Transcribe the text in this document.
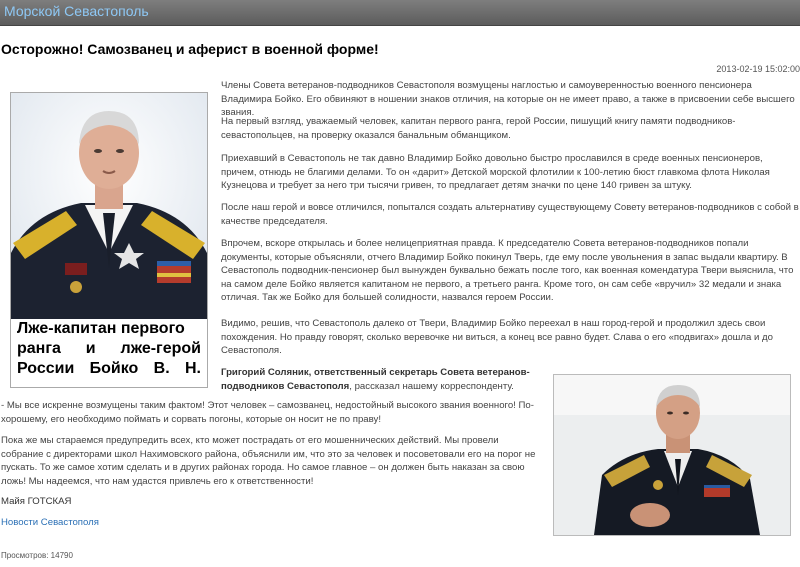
Морской Севастополь
Осторожно! Самозванец и аферист в военной форме!
2013-02-19 15:02:00
Лже-капитан первого
ранга и лже-герой
России Бойко В. Н.

Члены Совета ветеранов-подводников Севастополя возмущены наглостью и самоуверенностью военного пенсионера Владимира Бойко. Его обвиняют в ношении знаков отличия, на которые он не имеет право, а также в присвоении себе высшего звания.

На первый взгляд, уважаемый человек, капитан первого ранга, герой России, пишущий книгу памяти подводников-севастопольцев, на проверку оказался банальным обманщиком.

Приехавший в Севастополь не так давно Владимир Бойко довольно быстро прославился в среде военных пенсионеров, причем, отнюдь не благими делами. То он «дарит» Детской морской флотилии к 100-летию бюст главкома флота Николая Кузнецова и требует за него три тысячи гривен, то предлагает детям значки по цене 140 гривен за штуку.

После наш герой и вовсе отличился, попытался создать альтернативу существующему Совету ветеранов-подводников с собой в качестве председателя.

Впрочем, вскоре открылась и более нелицеприятная правда. К председателю Совета ветеранов-подводников попали документы, которые объясняли, отчего Владимир Бойко покинул Тверь, где ему после увольнения в запас выдали квартиру. В Севастополь подводник-пенсионер был вынужден буквально бежать после того, как военная комендатура Твери выяснила, что на самом деле Бойко является капитаном не первого, а третьего ранга. Кроме того, он сам себе «вручил» 32 медали и знака отличая. Так же Бойко для большей солидности, назвался героем России.

Видимо, решив, что Севастополь далеко от Твери, Владимир Бойко переехал в наш город-герой и продолжил здесь свои похождения. Но правду говорят, сколько веревочке ни виться, а конец все равно будет. Слава о его «подвигах» дошла и до Севастополя.

Григорий Соляник, ответственный секретарь Совета ветеранов-подводников Севастополя, рассказал нашему корреспонденту.

- Мы все искренне возмущены таким фактом! Этот человек – самозванец, недостойный высокого звания военного! По-хорошему, его необходимо поймать и сорвать погоны, которые он носит не по праву!

Пока же мы стараемся предупредить всех, кто может пострадать от его мошеннических действий. Мы провели собрание с директорами школ Нахимовского района, объяснили им, что это за человек и посоветовали его на порог не пускать. То же самое хотим сделать и в других районах города. Но самое главное – он должен быть наказан за свою ложь! Мы надеемся, что нам удастся привлечь его к ответственности!

Майя ГОТСКАЯ
Новости Севастополя
Просмотров: 14790
